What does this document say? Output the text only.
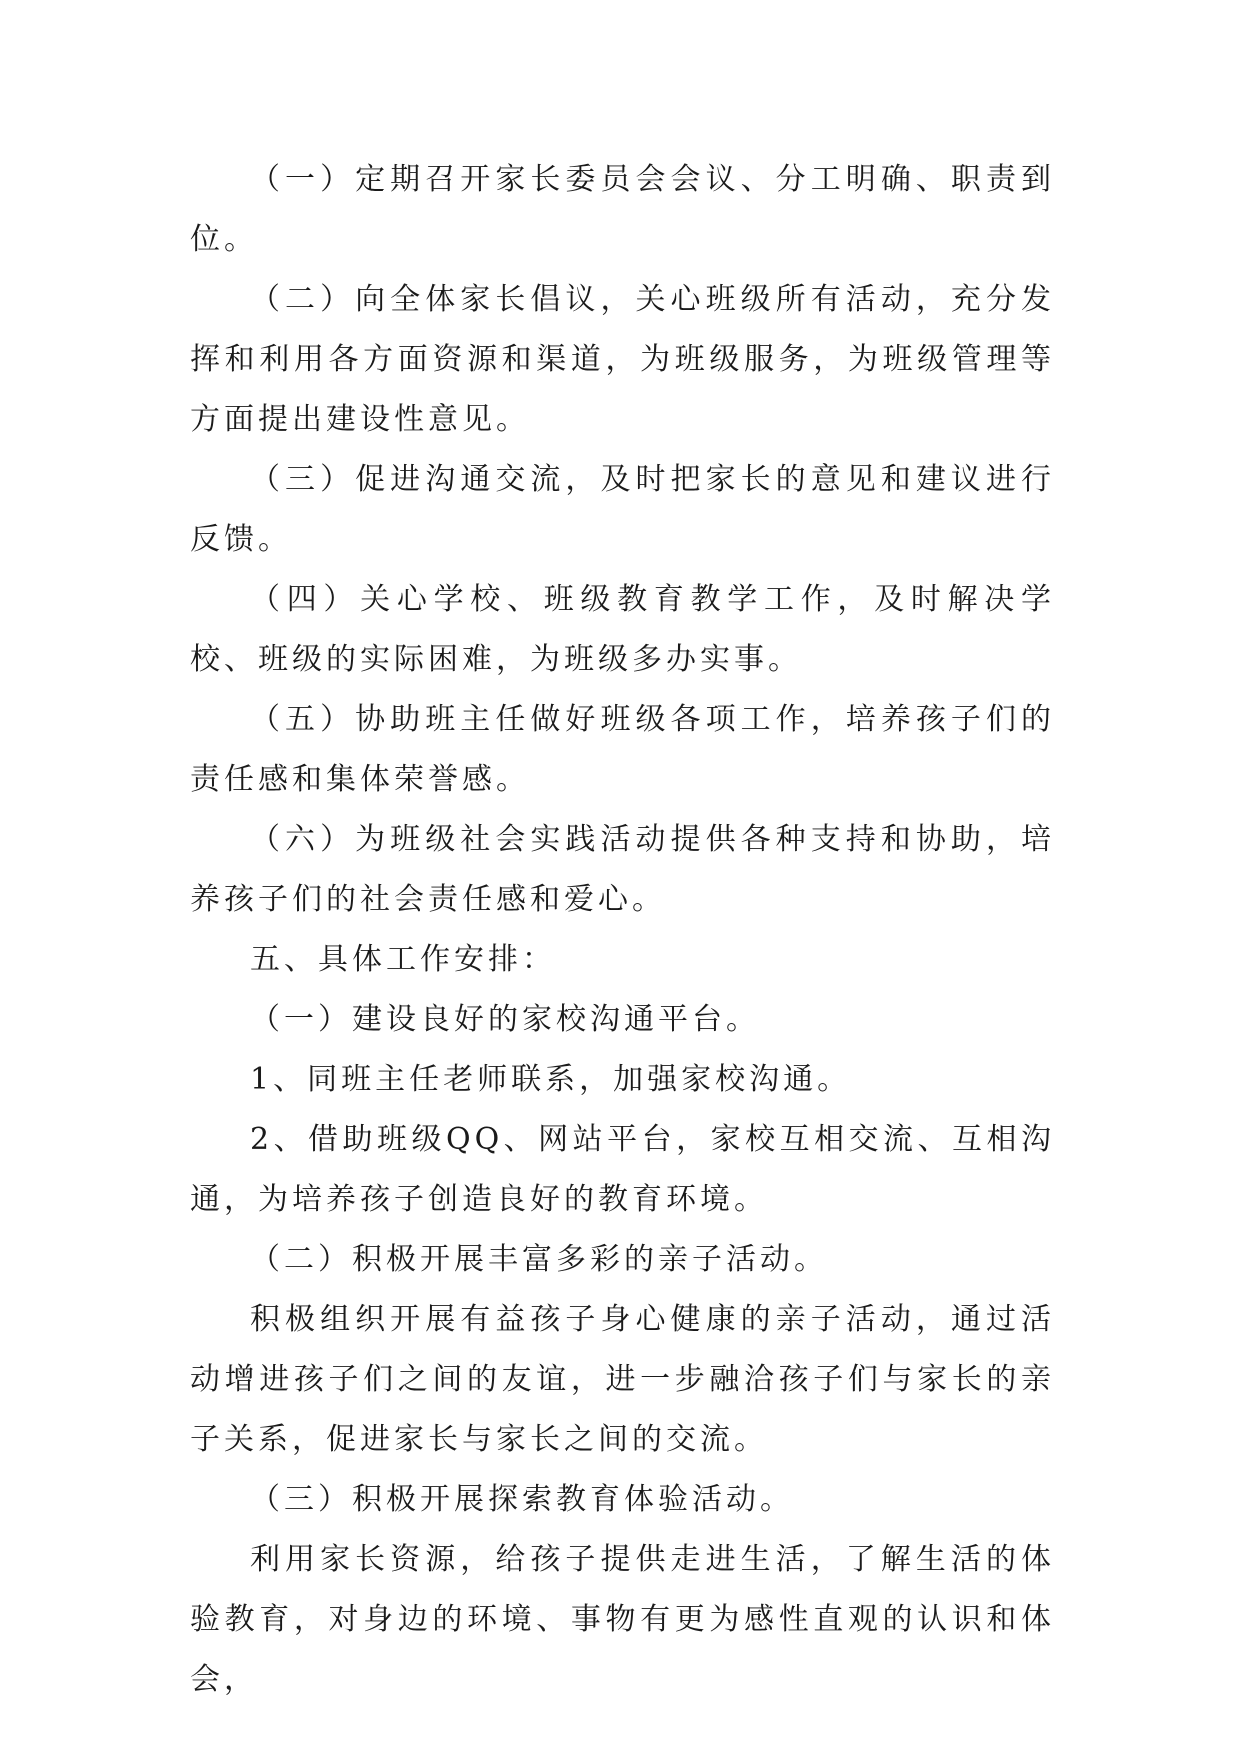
（一）定期召开家长委员会会议、分工明确、职责到位。

（二）向全体家长倡议，关心班级所有活动，充分发挥和利用各方面资源和渠道，为班级服务，为班级管理等方面提出建设性意见。

（三）促进沟通交流，及时把家长的意见和建议进行反馈。

（四）关心学校、班级教育教学工作，及时解决学校、班级的实际困难，为班级多办实事。

（五）协助班主任做好班级各项工作，培养孩子们的责任感和集体荣誉感。

（六）为班级社会实践活动提供各种支持和协助，培养孩子们的社会责任感和爱心。

五、具体工作安排：

（一）建设良好的家校沟通平台。

1、同班主任老师联系，加强家校沟通。

2、借助班级QQ、网站平台，家校互相交流、互相沟通，为培养孩子创造良好的教育环境。

（二）积极开展丰富多彩的亲子活动。

积极组织开展有益孩子身心健康的亲子活动，通过活动增进孩子们之间的友谊，进一步融洽孩子们与家长的亲子关系，促进家长与家长之间的交流。

（三）积极开展探索教育体验活动。

利用家长资源，给孩子提供走进生活，了解生活的体验教育，对身边的环境、事物有更为感性直观的认识和体会，
